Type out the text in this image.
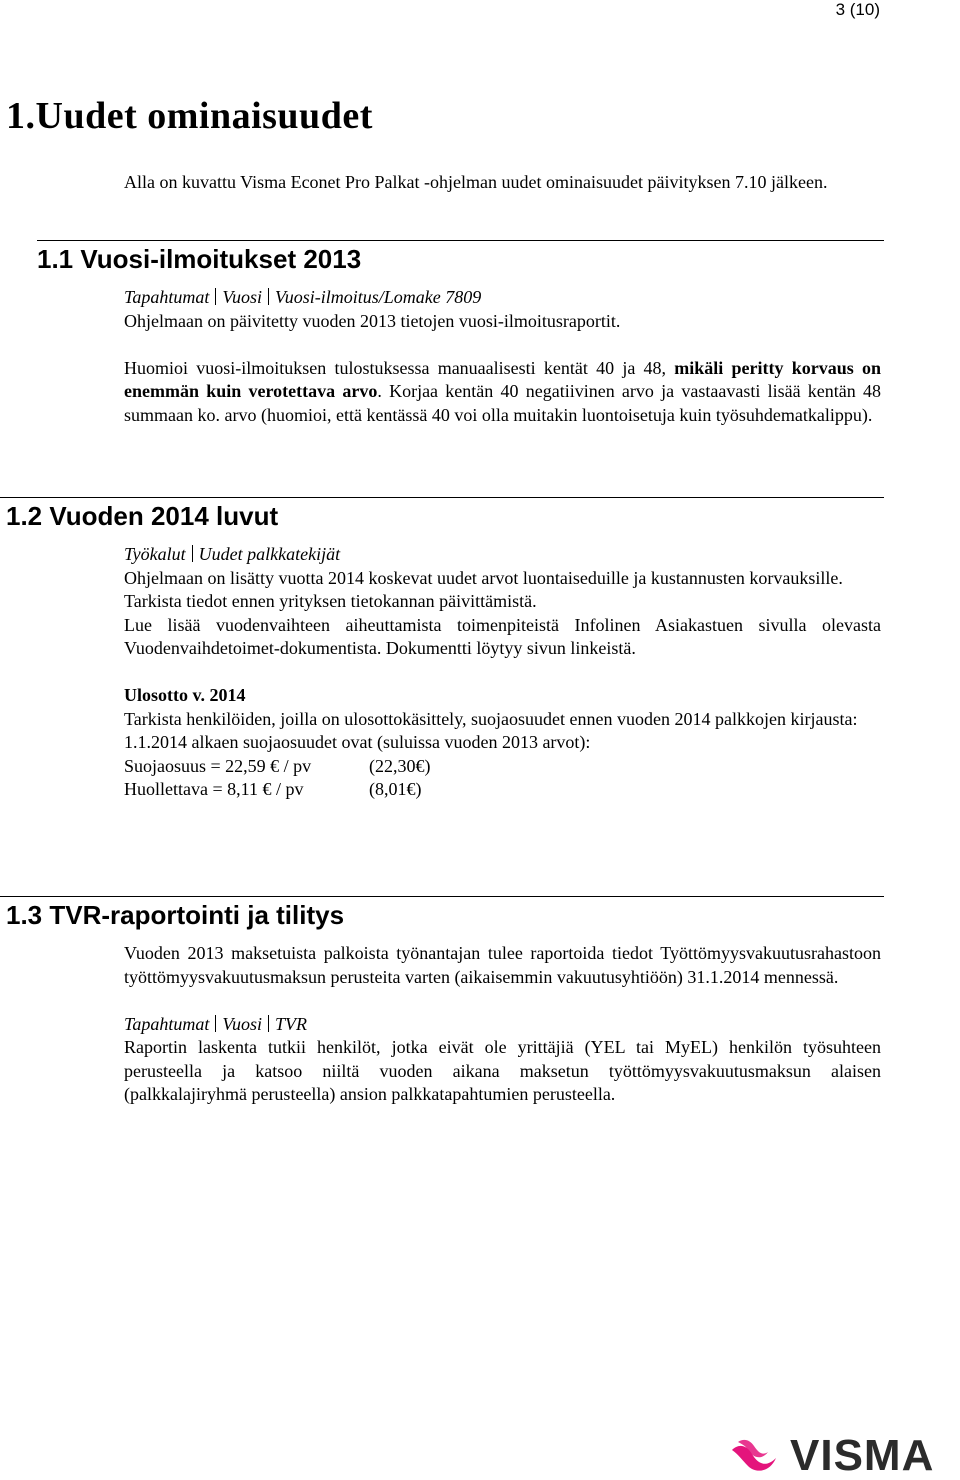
3 (10)
1.Uudet ominaisuudet

Alla on kuvattu Visma Econet Pro Palkat -ohjelman uudet ominaisuudet päivityksen 7.10 jälkeen.

1.1 Vuosi-ilmoitukset 2013

Tapahtumat Vuosi Vuosi-ilmoitus/Lomake 7809

Ohjelmaan on päivitetty vuoden 2013 tietojen vuosi-ilmoitusraportit.

Huomioi vuosi-ilmoituksen tulostuksessa manuaalisesti kentät 40 ja 48, mikäli peritty korvaus on enemmän kuin verotettava arvo. Korjaa kentän 40 negatiivinen arvo ja vastaavasti lisää kentän 48 summaan ko. arvo (huomioi, että kentässä 40 voi olla muitakin luontoisetuja kuin työsuhdematkalippu).

1.2 Vuoden 2014 luvut

Työkalut Uudet palkkatekijät

Ohjelmaan on lisätty vuotta 2014 koskevat uudet arvot luontaiseduille ja kustannusten korvauksille.

Tarkista tiedot ennen yrityksen tietokannan päivittämistä.

Lue lisää vuodenvaihteen aiheuttamista toimenpiteistä Infolinen Asiakastuen sivulla olevasta Vuodenvaihdetoimet-dokumentista. Dokumentti löytyy sivun linkeistä.

Ulosotto v. 2014

Tarkista henkilöiden, joilla on ulosottokäsittely, suojaosuudet ennen vuoden 2014 palkkojen kirjausta:

1.1.2014 alkaen suojaosuudet ovat (suluissa vuoden 2013 arvot):

Suojaosuus = 22,59 € / pv	(22,30€)

Huollettava = 8,11 € / pv	(8,01€)

1.3 TVR-raportointi ja tilitys

Vuoden 2013 maksetuista palkoista työnantajan tulee raportoida tiedot Työttömyysvakuutusrahastoon työttömyysvakuutusmaksun perusteita varten (aikaisemmin vakuutusyhtiöön) 31.1.2014 mennessä.

Tapahtumat Vuosi TVR

Raportin laskenta tutkii henkilöt, jotka eivät ole yrittäjiä (YEL tai MyEL) henkilön työsuhteen perusteella ja katsoo niiltä vuoden aikana maksetun työttömyysvakuutusmaksun alaisen (palkkalajiryhmä perusteella) ansion palkkatapahtumien perusteella.

VISMA
